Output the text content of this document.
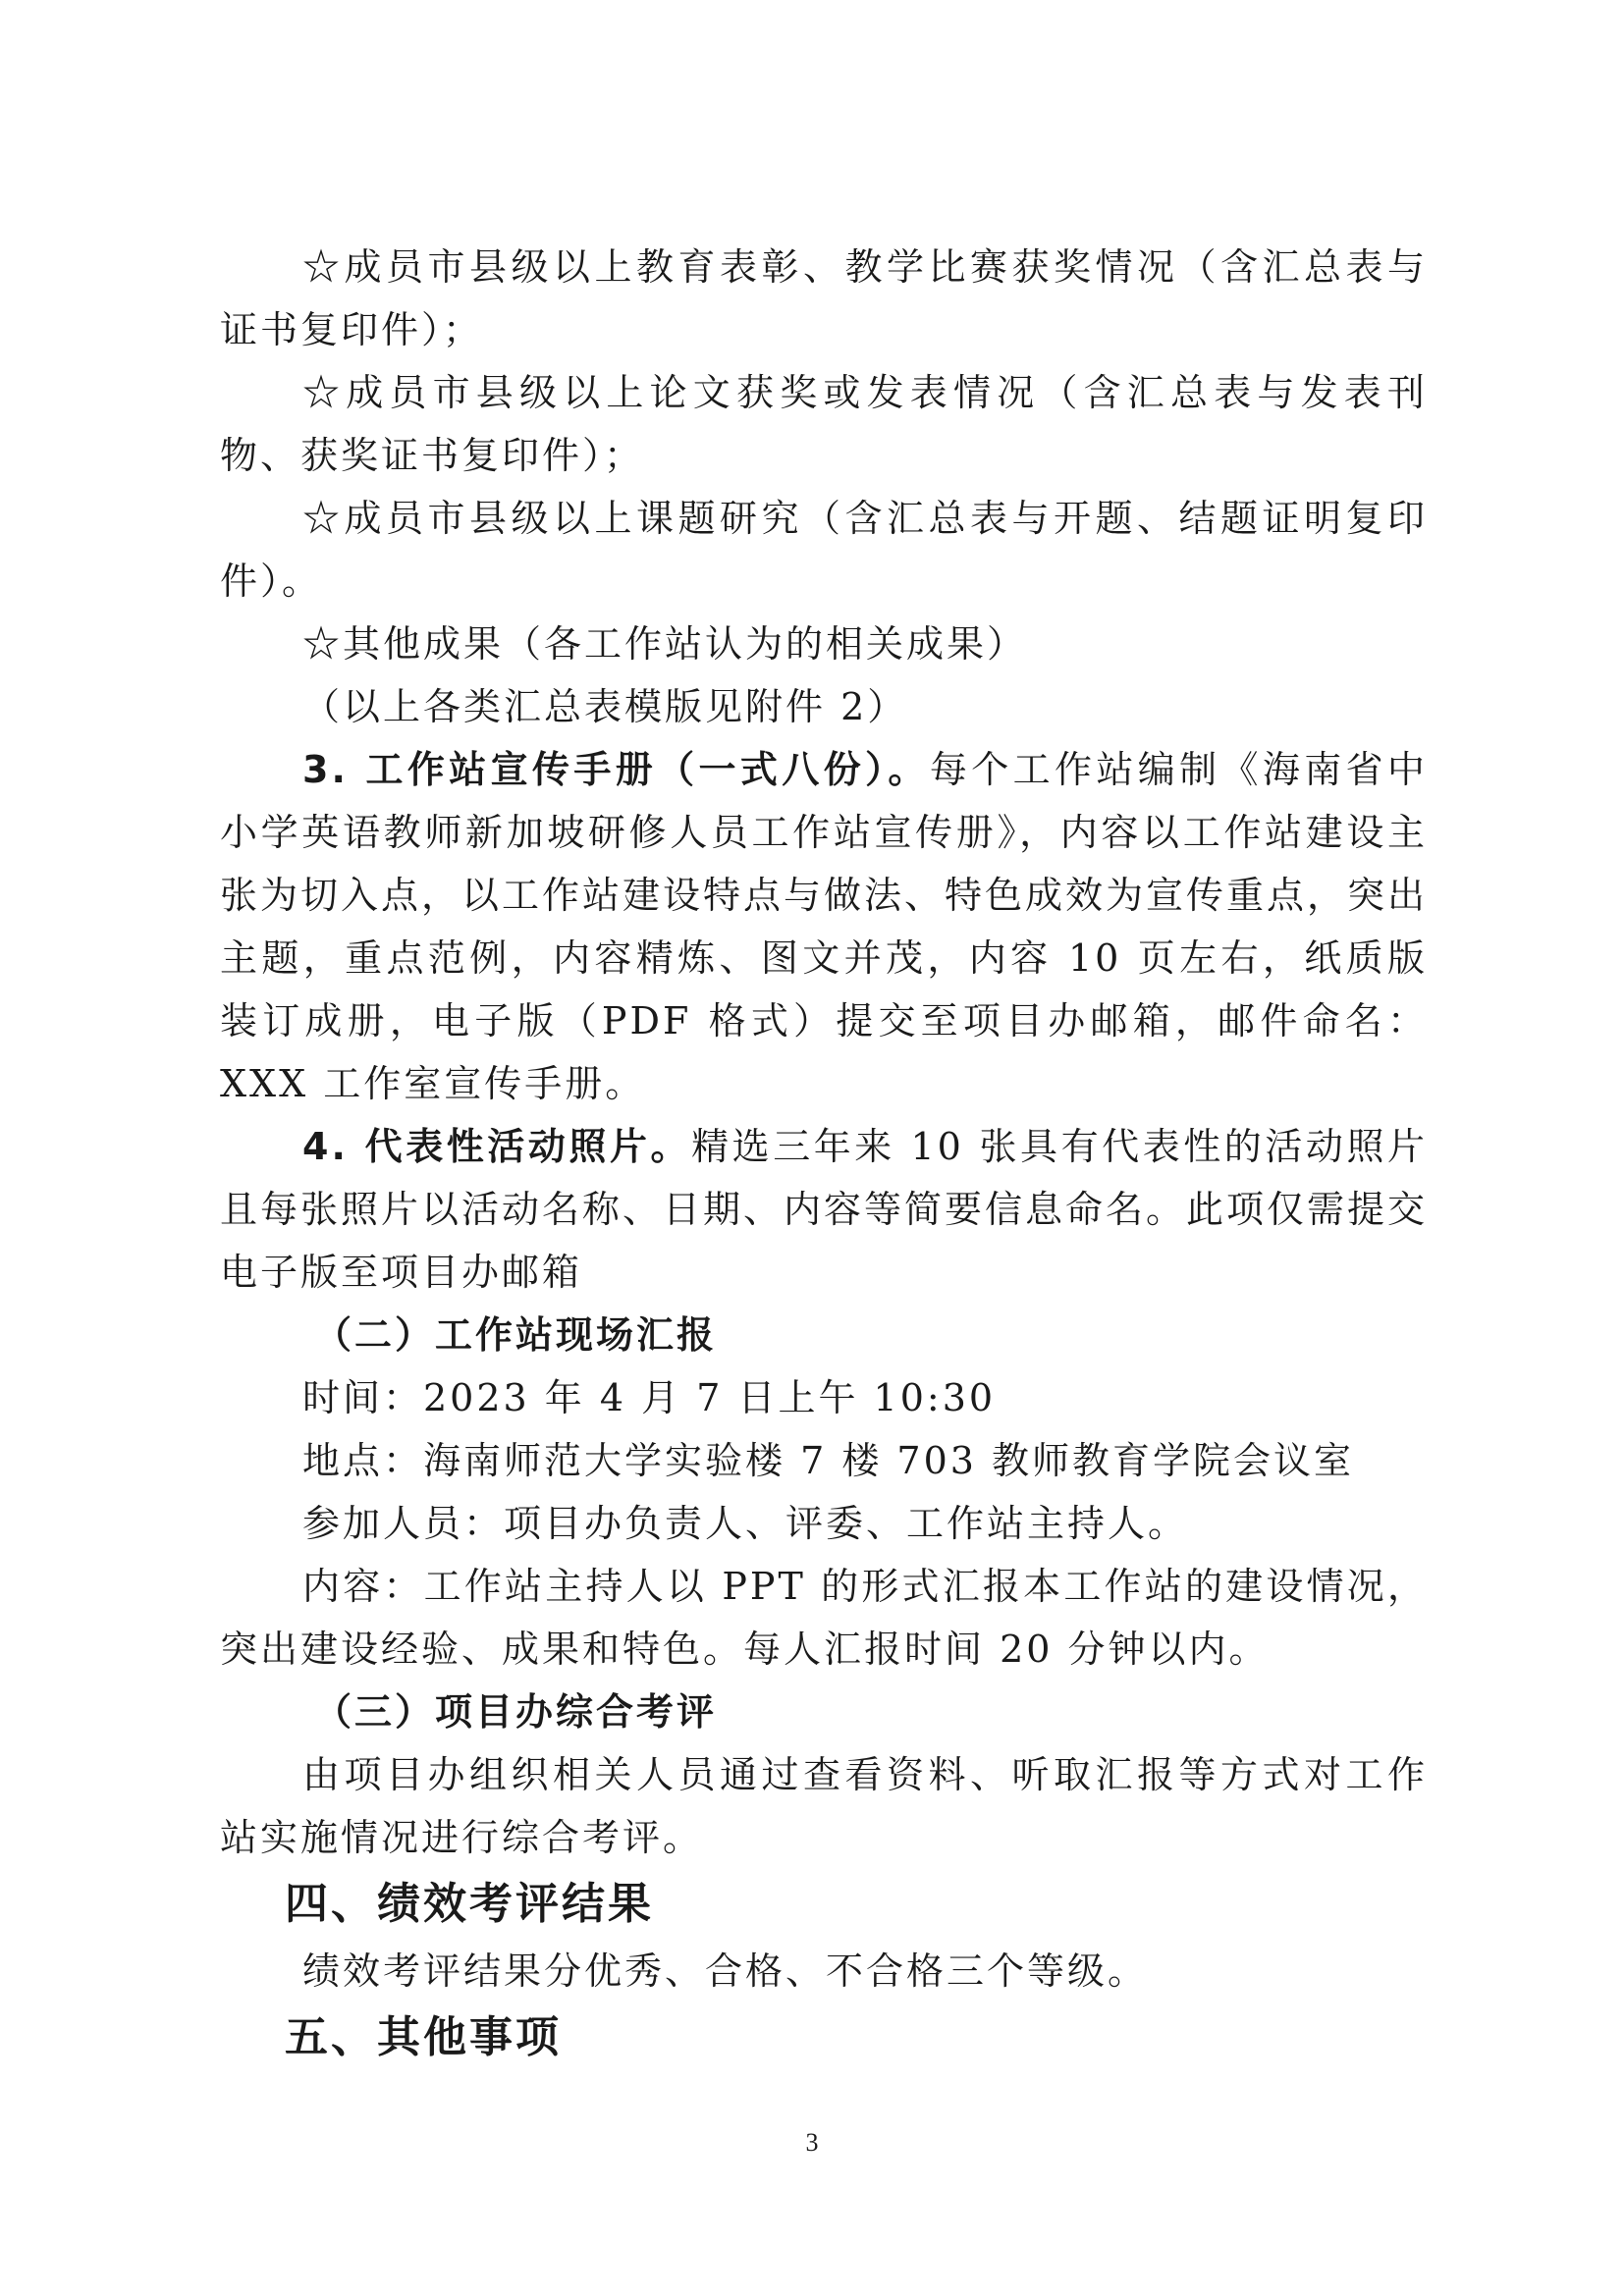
☆成员市县级以上教育表彰、教学比赛获奖情况（含汇总表与证书复印件）；

☆成员市县级以上论文获奖或发表情况（含汇总表与发表刊物、获奖证书复印件）；

☆成员市县级以上课题研究（含汇总表与开题、结题证明复印件）。

☆其他成果（各工作站认为的相关成果）

（以上各类汇总表模版见附件 2）

3. 工作站宣传手册（一式八份）。每个工作站编制《海南省中小学英语教师新加坡研修人员工作站宣传册》，内容以工作站建设主张为切入点，以工作站建设特点与做法、特色成效为宣传重点，突出主题，重点范例，内容精炼、图文并茂，内容 10 页左右，纸质版装订成册，电子版（PDF 格式）提交至项目办邮箱，邮件命名：XXX 工作室宣传手册。

4. 代表性活动照片。精选三年来 10 张具有代表性的活动照片且每张照片以活动名称、日期、内容等简要信息命名。此项仅需提交电子版至项目办邮箱

（二）工作站现场汇报

时间：2023 年 4 月 7 日上午 10:30

地点：海南师范大学实验楼 7 楼 703 教师教育学院会议室

参加人员：项目办负责人、评委、工作站主持人。

内容：工作站主持人以 PPT 的形式汇报本工作站的建设情况，突出建设经验、成果和特色。每人汇报时间 20 分钟以内。

（三）项目办综合考评

由项目办组织相关人员通过查看资料、听取汇报等方式对工作站实施情况进行综合考评。

四、绩效考评结果

绩效考评结果分优秀、合格、不合格三个等级。

五、其他事项

3
